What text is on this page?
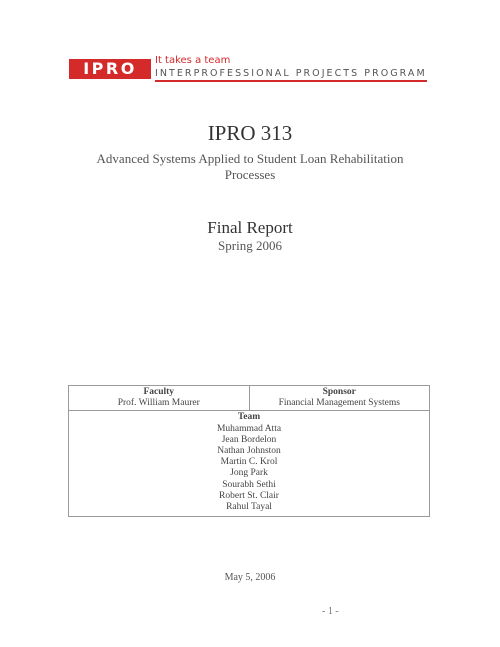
IPRO	It takes a team
INTERPROFESSIONAL PROJECTS PROGRAM
IPRO 313
Advanced Systems Applied to Student Loan Rehabilitation
Processes
Final Report
Spring 2006
Faculty
Prof. William Maurer

Sponsor
Financial Management Systems

Team
Muhammad Atta
Jean Bordelon
Nathan Johnston
Martin C. Krol
Jong Park
Sourabh Sethi
Robert St. Clair
Rahul Tayal
May 5, 2006
- 1 -
